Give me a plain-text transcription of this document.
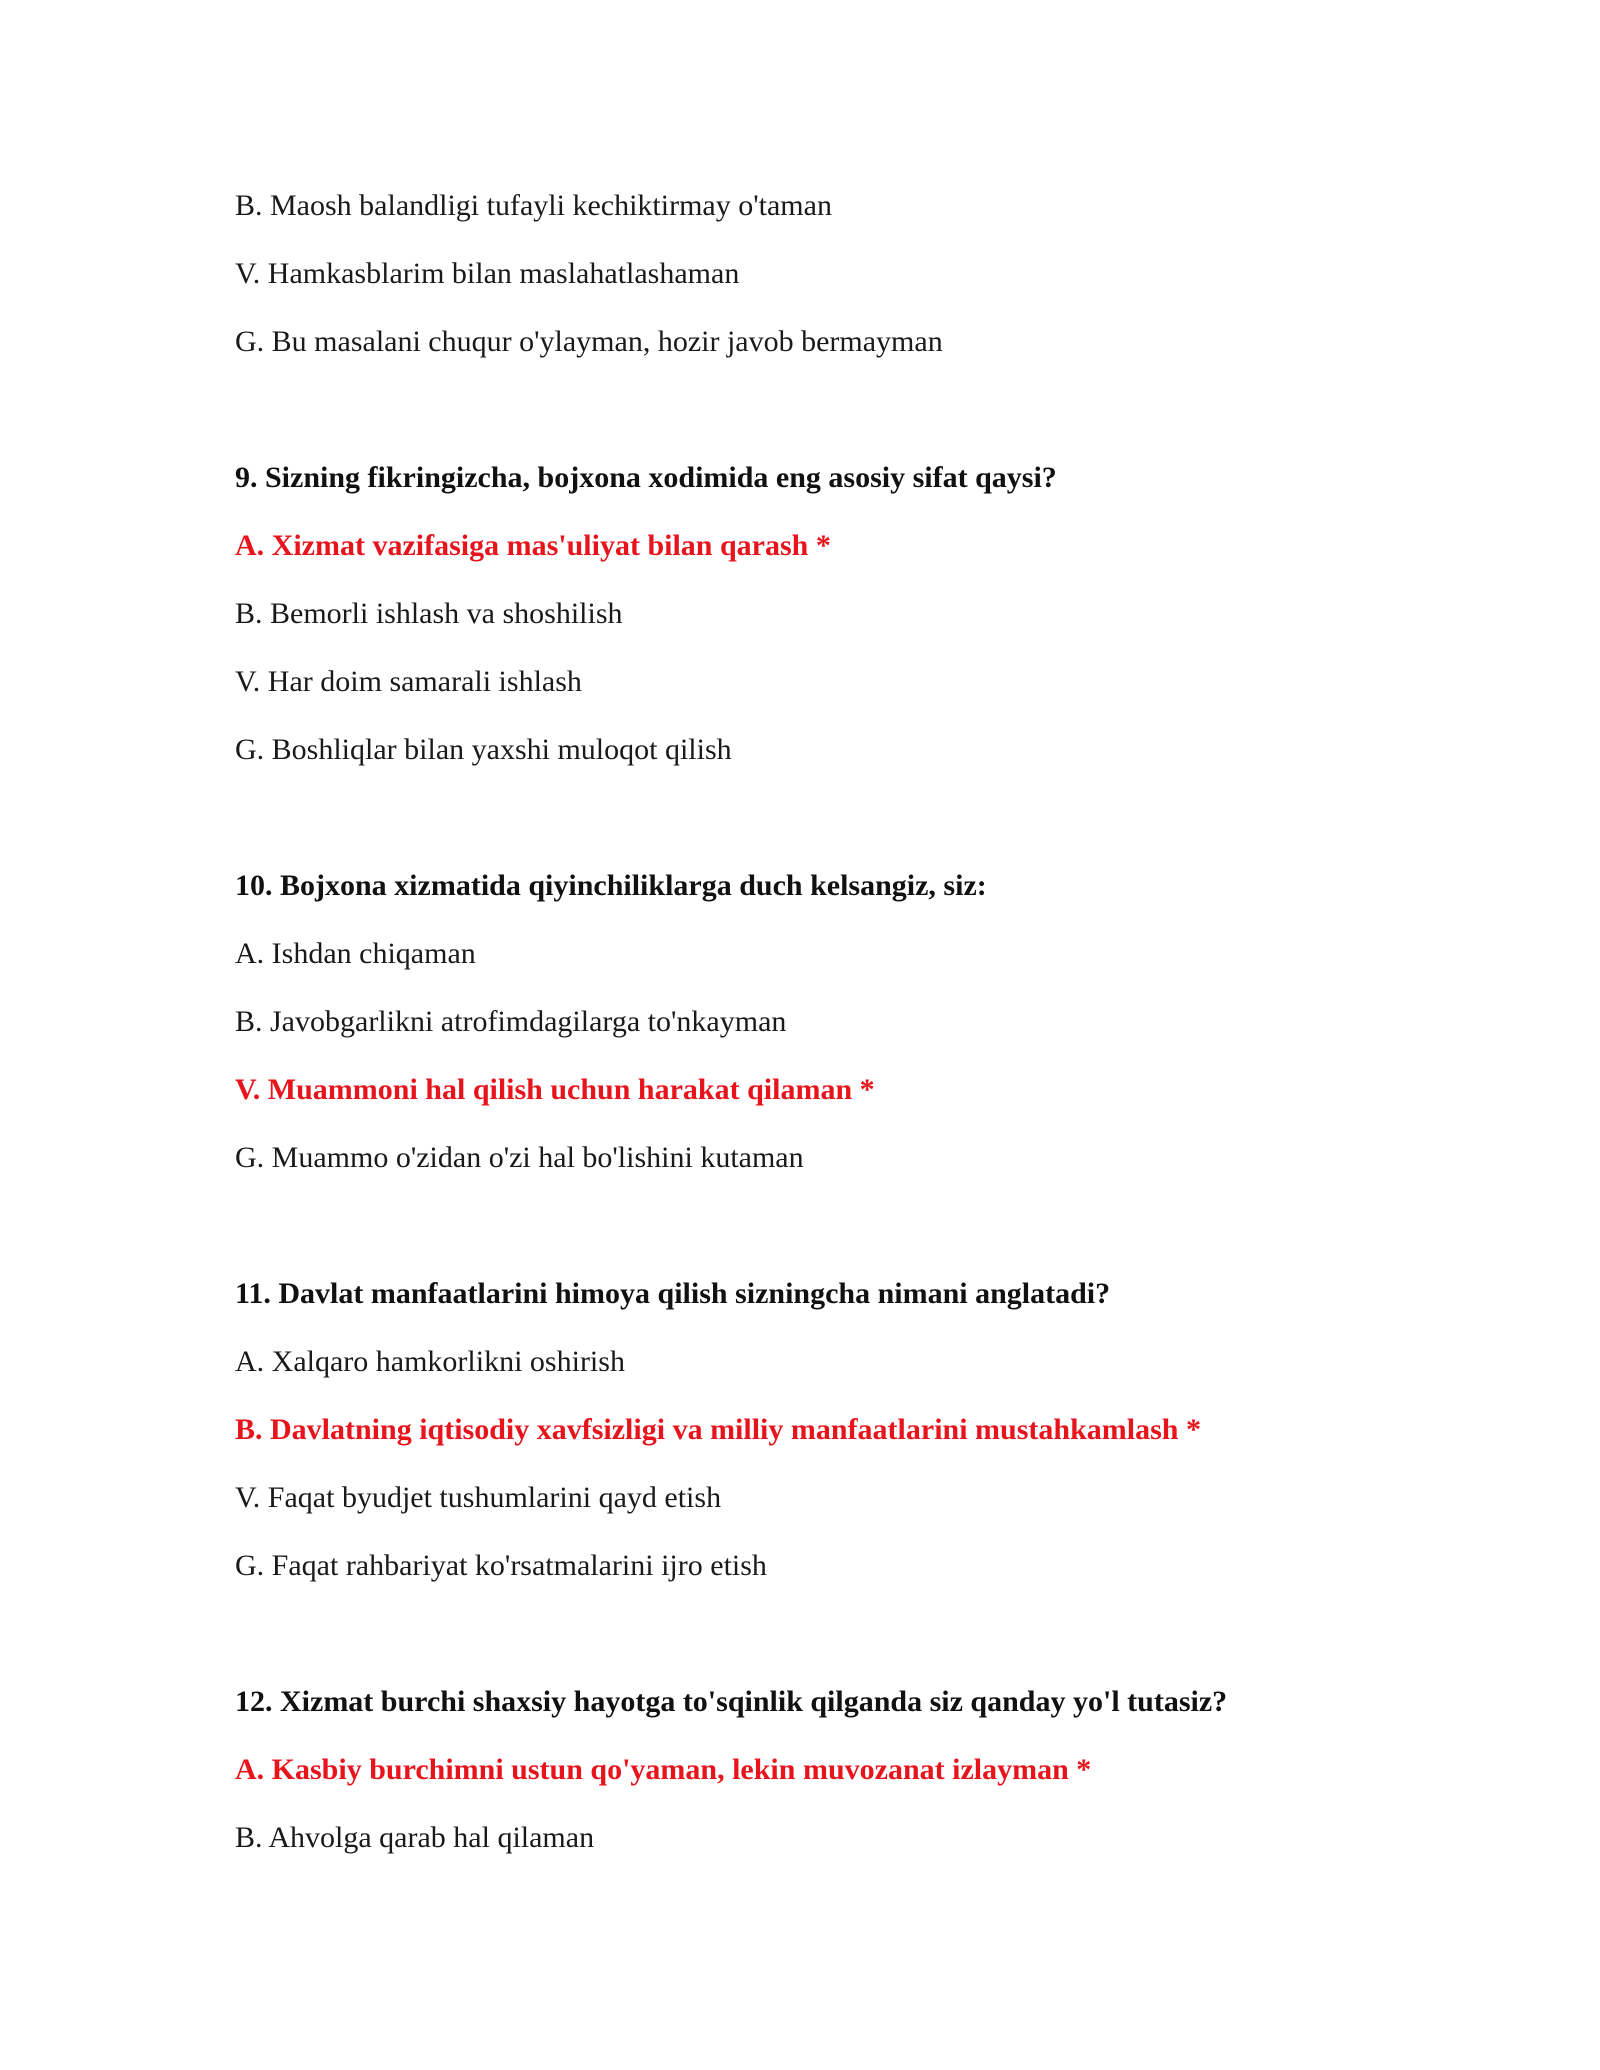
B. Maosh balandligi tufayli kechiktirmay o'taman
V. Hamkasblarim bilan maslahatlashaman
G. Bu masalani chuqur o'ylayman, hozir javob bermayman
9. Sizning fikringizcha, bojxona xodimida eng asosiy sifat qaysi?
A. Xizmat vazifasiga mas'uliyat bilan qarash *
B. Bemorli ishlash va shoshilish
V. Har doim samarali ishlash
G. Boshliqlar bilan yaxshi muloqot qilish
10. Bojxona xizmatida qiyinchiliklarga duch kelsangiz, siz:
A. Ishdan chiqaman
B. Javobgarlikni atrofimdagilarga to'nkayman
V. Muammoni hal qilish uchun harakat qilaman *
G. Muammo o'zidan o'zi hal bo'lishini kutaman
11. Davlat manfaatlarini himoya qilish sizningcha nimani anglatadi?
A. Xalqaro hamkorlikni oshirish
B. Davlatning iqtisodiy xavfsizligi va milliy manfaatlarini mustahkamlash *
V. Faqat byudjet tushumlarini qayd etish
G. Faqat rahbariyat ko'rsatmalarini ijro etish
12. Xizmat burchi shaxsiy hayotga to'sqinlik qilganda siz qanday yo'l tutasiz?
A. Kasbiy burchimni ustun qo'yaman, lekin muvozanat izlayman *
B. Ahvolga qarab hal qilaman
